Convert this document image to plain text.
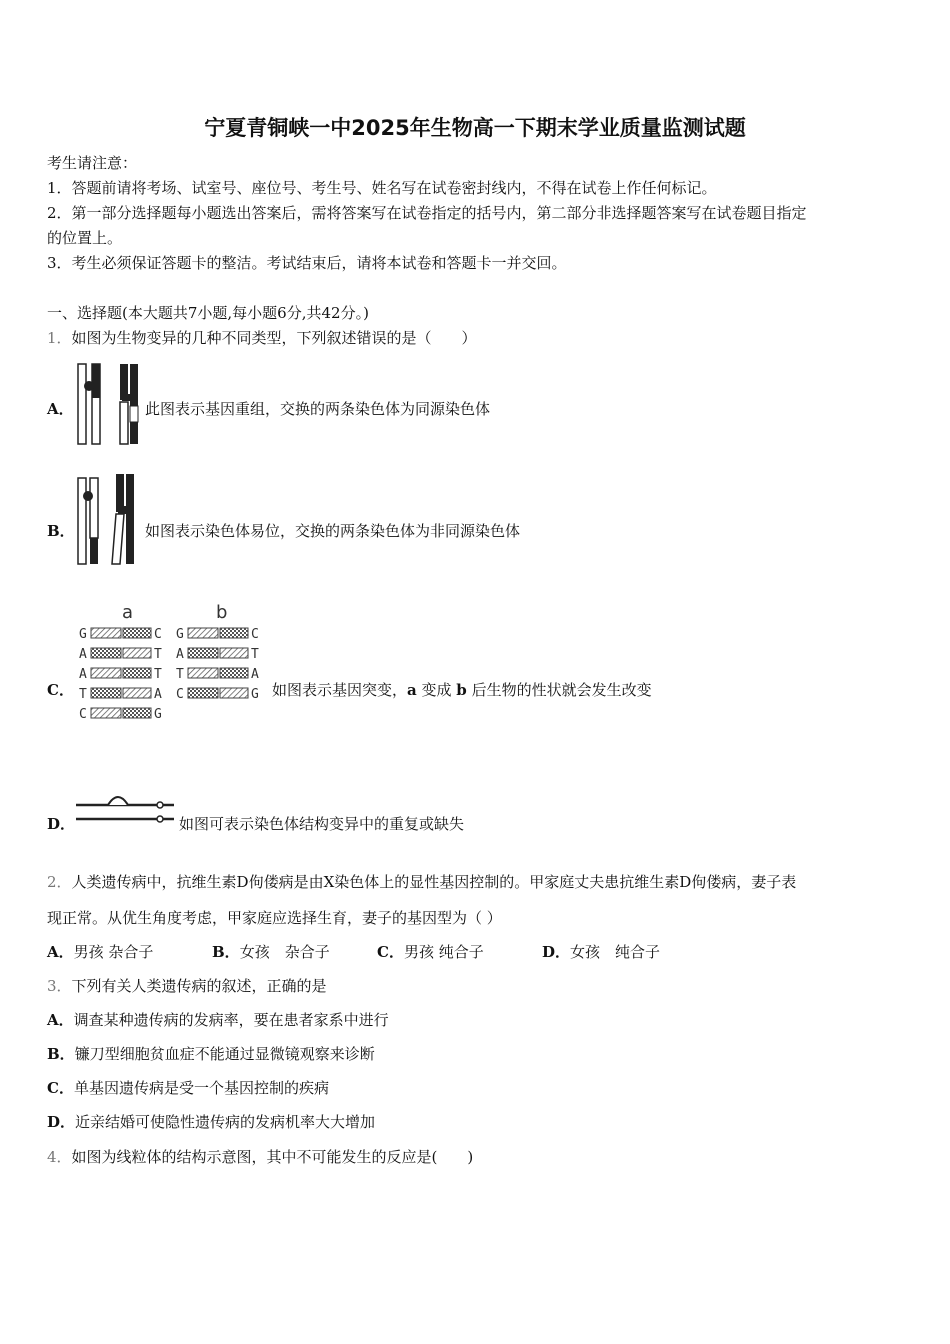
宁夏青铜峡一中2025年生物高一下期末学业质量监测试题
考生请注意：
1．答题前请将考场、试室号、座位号、考生号、姓名写在试卷密封线内，不得在试卷上作任何标记。
2．第一部分选择题每小题选出答案后，需将答案写在试卷指定的括号内，第二部分非选择题答案写在试卷题目指定
的位置上。
3．考生必须保证答题卡的整洁。考试结束后，请将本试卷和答题卡一并交回。
一、选择题(本大题共7小题,每小题6分,共42分。)
1．如图为生物变异的几种不同类型，下列叙述错误的是（　　）
A．	此图表示基因重组，交换的两条染色体为同源染色体
B．	如图表示染色体易位，交换的两条染色体为非同源染色体
C．
a	b
G	C
A	T
A	T
T	A
C	G
G	C
A	T
T	A
C	G 如图表示基因突变，a 变成 b 后生物的性状就会发生改变
D．	如图可表示染色体结构变异中的重复或缺失
2．人类遗传病中，抗维生素D佝偻病是由X染色体上的显性基因控制的。甲家庭丈夫患抗维生素D佝偻病，妻子表
现正常。从优生角度考虑，甲家庭应选择生育，妻子的基因型为（ ）
A．男孩 杂合子	B．女孩　杂合子	C．男孩 纯合子	D．女孩　纯合子
3．下列有关人类遗传病的叙述，正确的是
A．调查某种遗传病的发病率，要在患者家系中进行
B．镰刀型细胞贫血症不能通过显微镜观察来诊断
C．单基因遗传病是受一个基因控制的疾病
D．近亲结婚可使隐性遗传病的发病机率大大增加
4．如图为线粒体的结构示意图，其中不可能发生的反应是(　　)
